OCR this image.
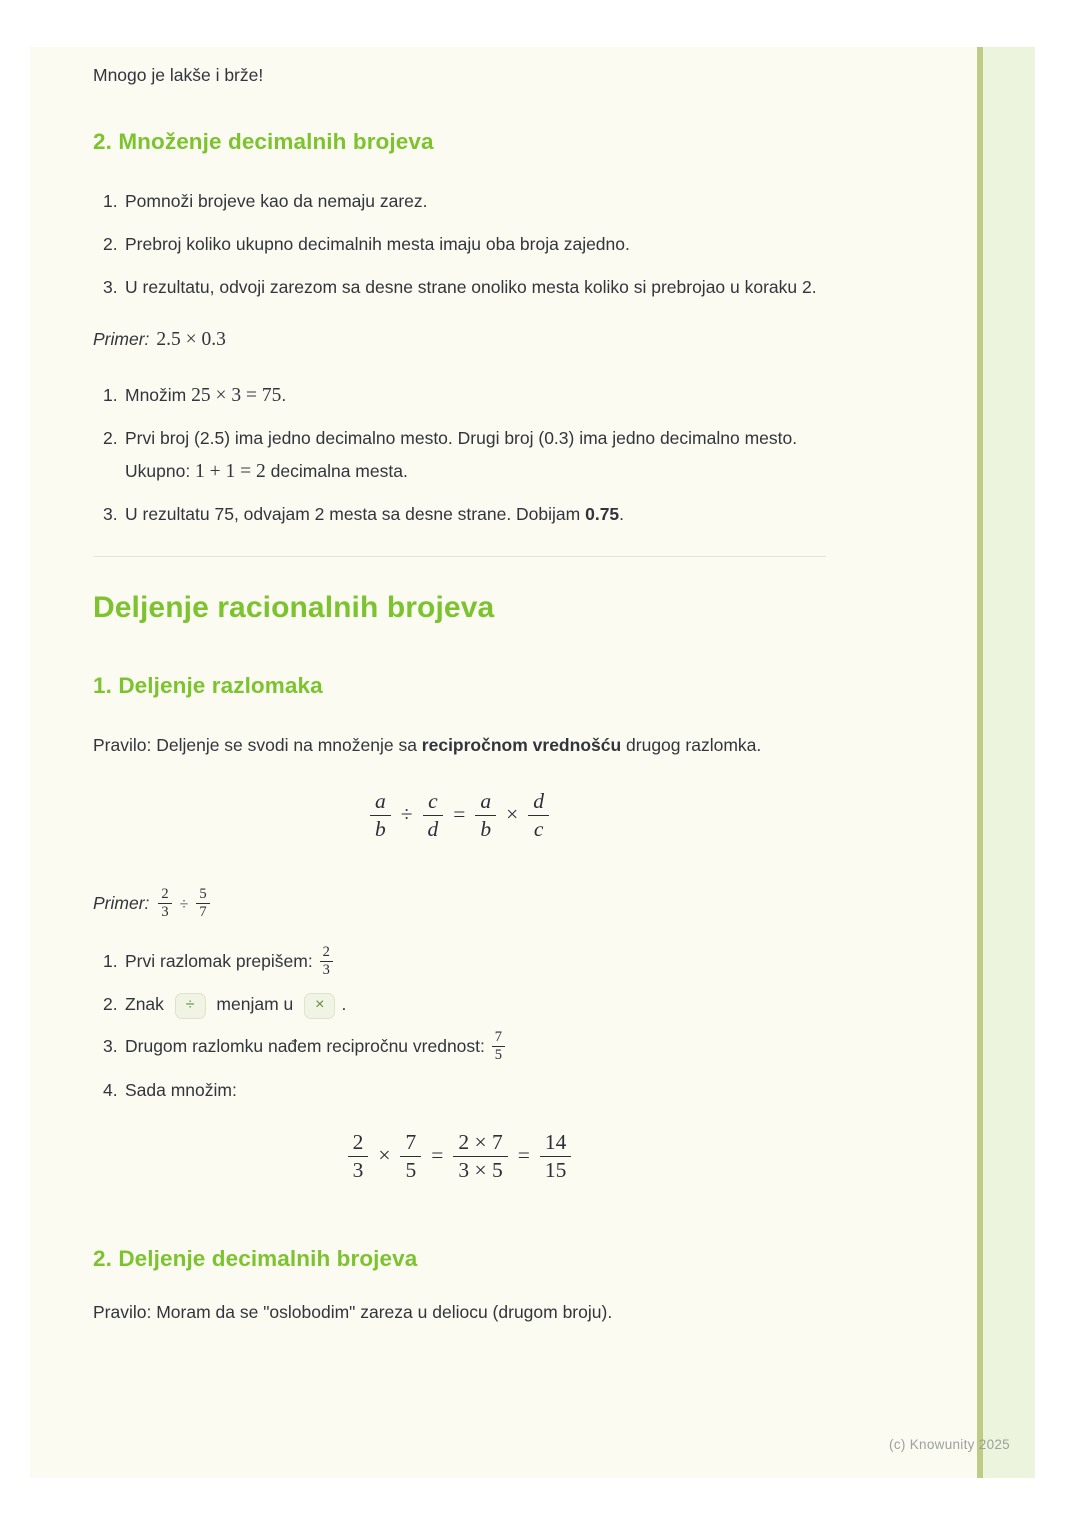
Mnogo je lakše i brže!

2. Množenje decimalnih brojeva
1. Pomnoži brojeve kao da nemaju zarez.
2. Prebroj koliko ukupno decimalnih mesta imaju oba broja zajedno.
3. U rezultatu, odvoji zarezom sa desne strane onoliko mesta koliko si prebrojao u koraku 2.

Primer: 2.5 × 0.3

1. Množim 25 × 3 = 75.
2. Prvi broj (2.5) ima jedno decimalno mesto. Drugi broj (0.3) ima jedno decimalno mesto. Ukupno: 1 + 1 = 2 decimalna mesta.
3. U rezultatu 75, odvajam 2 mesta sa desne strane. Dobijam 0.75.
Deljenje racionalnih brojeva
1. Deljenje razlomaka

Pravilo: Deljenje se svodi na množenje sa recipročnom vrednošću drugog razlomka.

$\frac{a}{b} \div \frac{c}{d} = \frac{a}{b} \times \frac{d}{c}$

Primer: $\frac{2}{3} \div \frac{5}{7}$

1. Prvi razlomak prepišem: $\frac{2}{3}$
2. Znak ÷ menjam u × .
3. Drugom razlomku nađem recipročnu vrednost: $\frac{7}{5}$
4. Sada množim:
$\frac{2}{3} \times \frac{7}{5} = \frac{2 \times 7}{3 \times 5} = \frac{14}{15}$
2. Deljenje decimalnih brojeva

Pravilo: Moram da se "oslobodim" zareza u deliocu (drugom broju).

(c) Knowunity 2025
